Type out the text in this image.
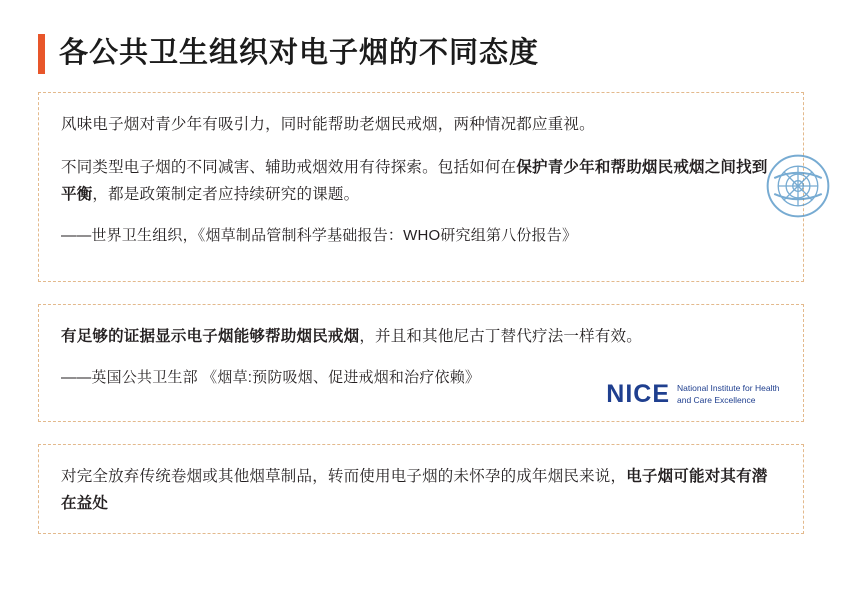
各公共卫生组织对电子烟的不同态度

风味电子烟对青少年有吸引力，同时能帮助老烟民戒烟，两种情况都应重视。

不同类型电子烟的不同减害、辅助戒烟效用有待探索。包括如何在保护青少年和帮助烟民戒烟之间找到平衡，都是政策制定者应持续研究的课题。

——世界卫生组织，《烟草制品管制科学基础报告：WHO研究组第八份报告》

有足够的证据显示电子烟能够帮助烟民戒烟，并且和其他尼古丁替代疗法一样有效。

——英国公共卫生部 《烟草:预防吸烟、促进戒烟和治疗依赖》

NICE National Institute for Health and Care Excellence

对完全放弃传统卷烟或其他烟草制品，转而使用电子烟的未怀孕的成年烟民来说，电子烟可能对其有潜在益处
